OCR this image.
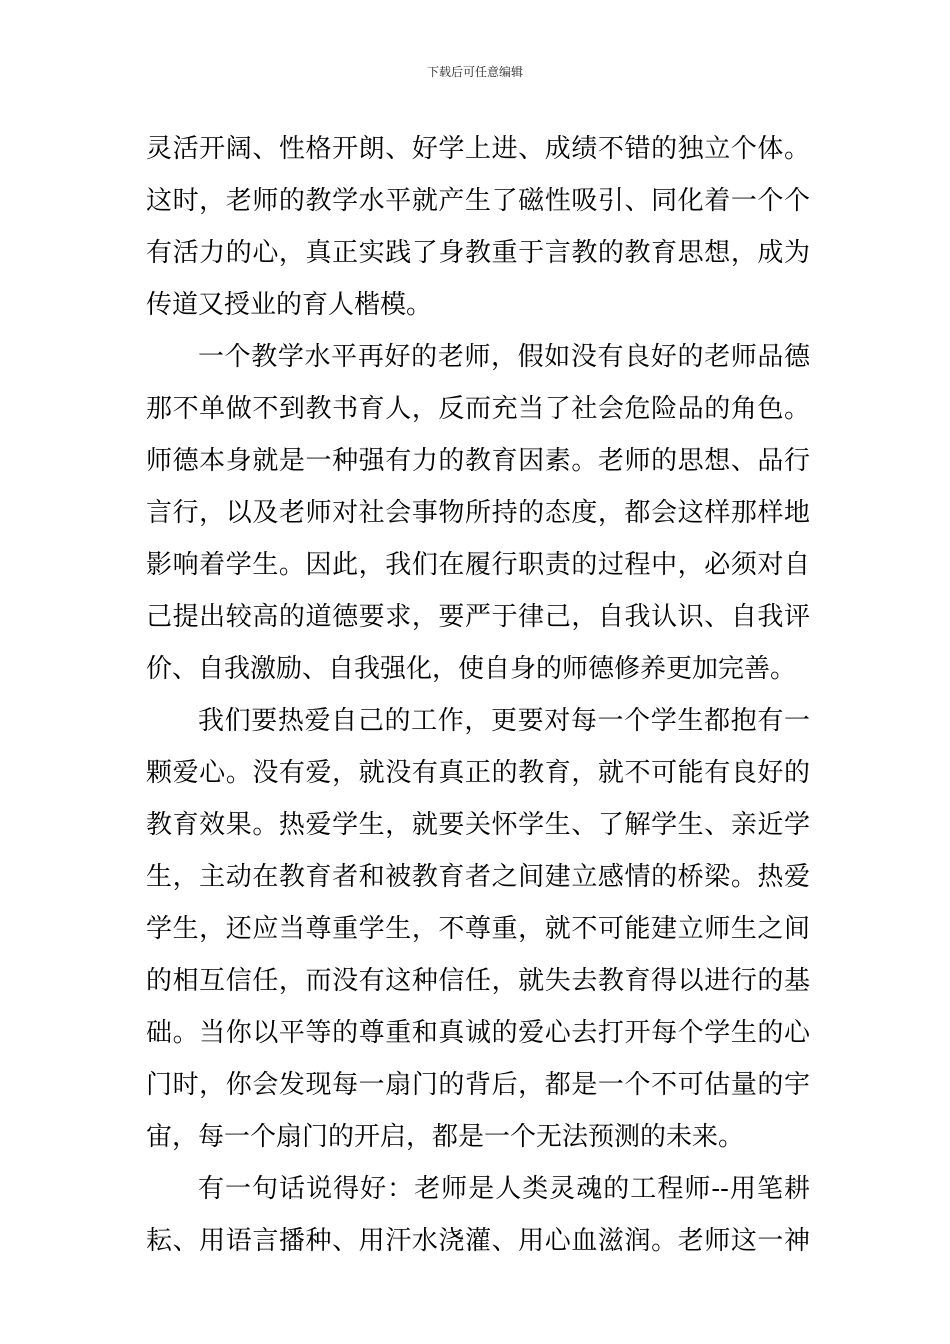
下载后可任意编辑
灵活开阔、性格开朗、好学上进、成绩不错的独立个体。
这时，老师的教学水平就产生了磁性吸引、同化着一个个
有活力的心，真正实践了身教重于言教的教育思想，成为
传道又授业的育人楷模。
一个教学水平再好的老师，假如没有良好的老师品德
那不单做不到教书育人，反而充当了社会危险品的角色。
师德本身就是一种强有力的教育因素。老师的思想、品行
言行，以及老师对社会事物所持的态度，都会这样那样地
影响着学生。因此，我们在履行职责的过程中，必须对自
己提出较高的道德要求，要严于律己，自我认识、自我评
价、自我激励、自我强化，使自身的师德修养更加完善。
我们要热爱自己的工作，更要对每一个学生都抱有一
颗爱心。没有爱，就没有真正的教育，就不可能有良好的
教育效果。热爱学生，就要关怀学生、了解学生、亲近学
生，主动在教育者和被教育者之间建立感情的桥梁。热爱
学生，还应当尊重学生，不尊重，就不可能建立师生之间
的相互信任，而没有这种信任，就失去教育得以进行的基
础。当你以平等的尊重和真诚的爱心去打开每个学生的心
门时，你会发现每一扇门的背后，都是一个不可估量的宇
宙，每一个扇门的开启，都是一个无法预测的未来。
有一句话说得好：老师是人类灵魂的工程师--用笔耕
耘、用语言播种、用汗水浇灌、用心血滋润。老师这一神
